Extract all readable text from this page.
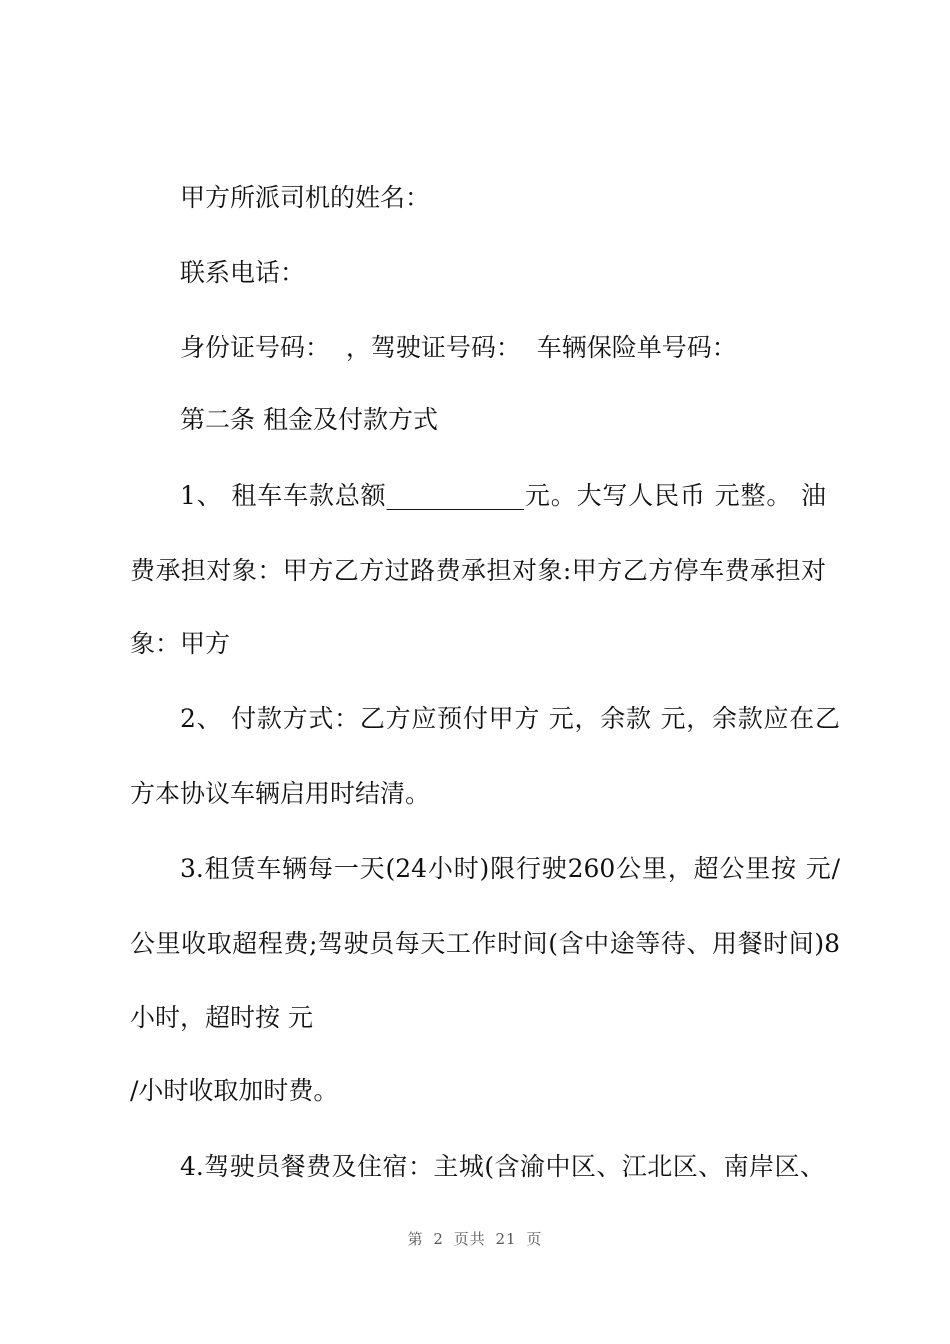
甲方所派司机的姓名：
联系电话：
身份证号码：  ，驾驶证号码：  车辆保险单号码：
第二条 租金及付款方式
1、 租车车款总额___________元。大写人民币 元整。 油
费承担对象：甲方乙方过路费承担对象:甲方乙方停车费承担对
象：甲方
2、 付款方式：乙方应预付甲方 元，余款 元，余款应在乙
方本协议车辆启用时结清。
3.租赁车辆每一天(24小时)限行驶260公里，超公里按 元/
公里收取超程费;驾驶员每天工作时间(含中途等待、用餐时间)8
小时，超时按 元
/小时收取加时费。
4.驾驶员餐费及住宿：主城(含渝中区、江北区、南岸区、
第 2 页共 21 页
